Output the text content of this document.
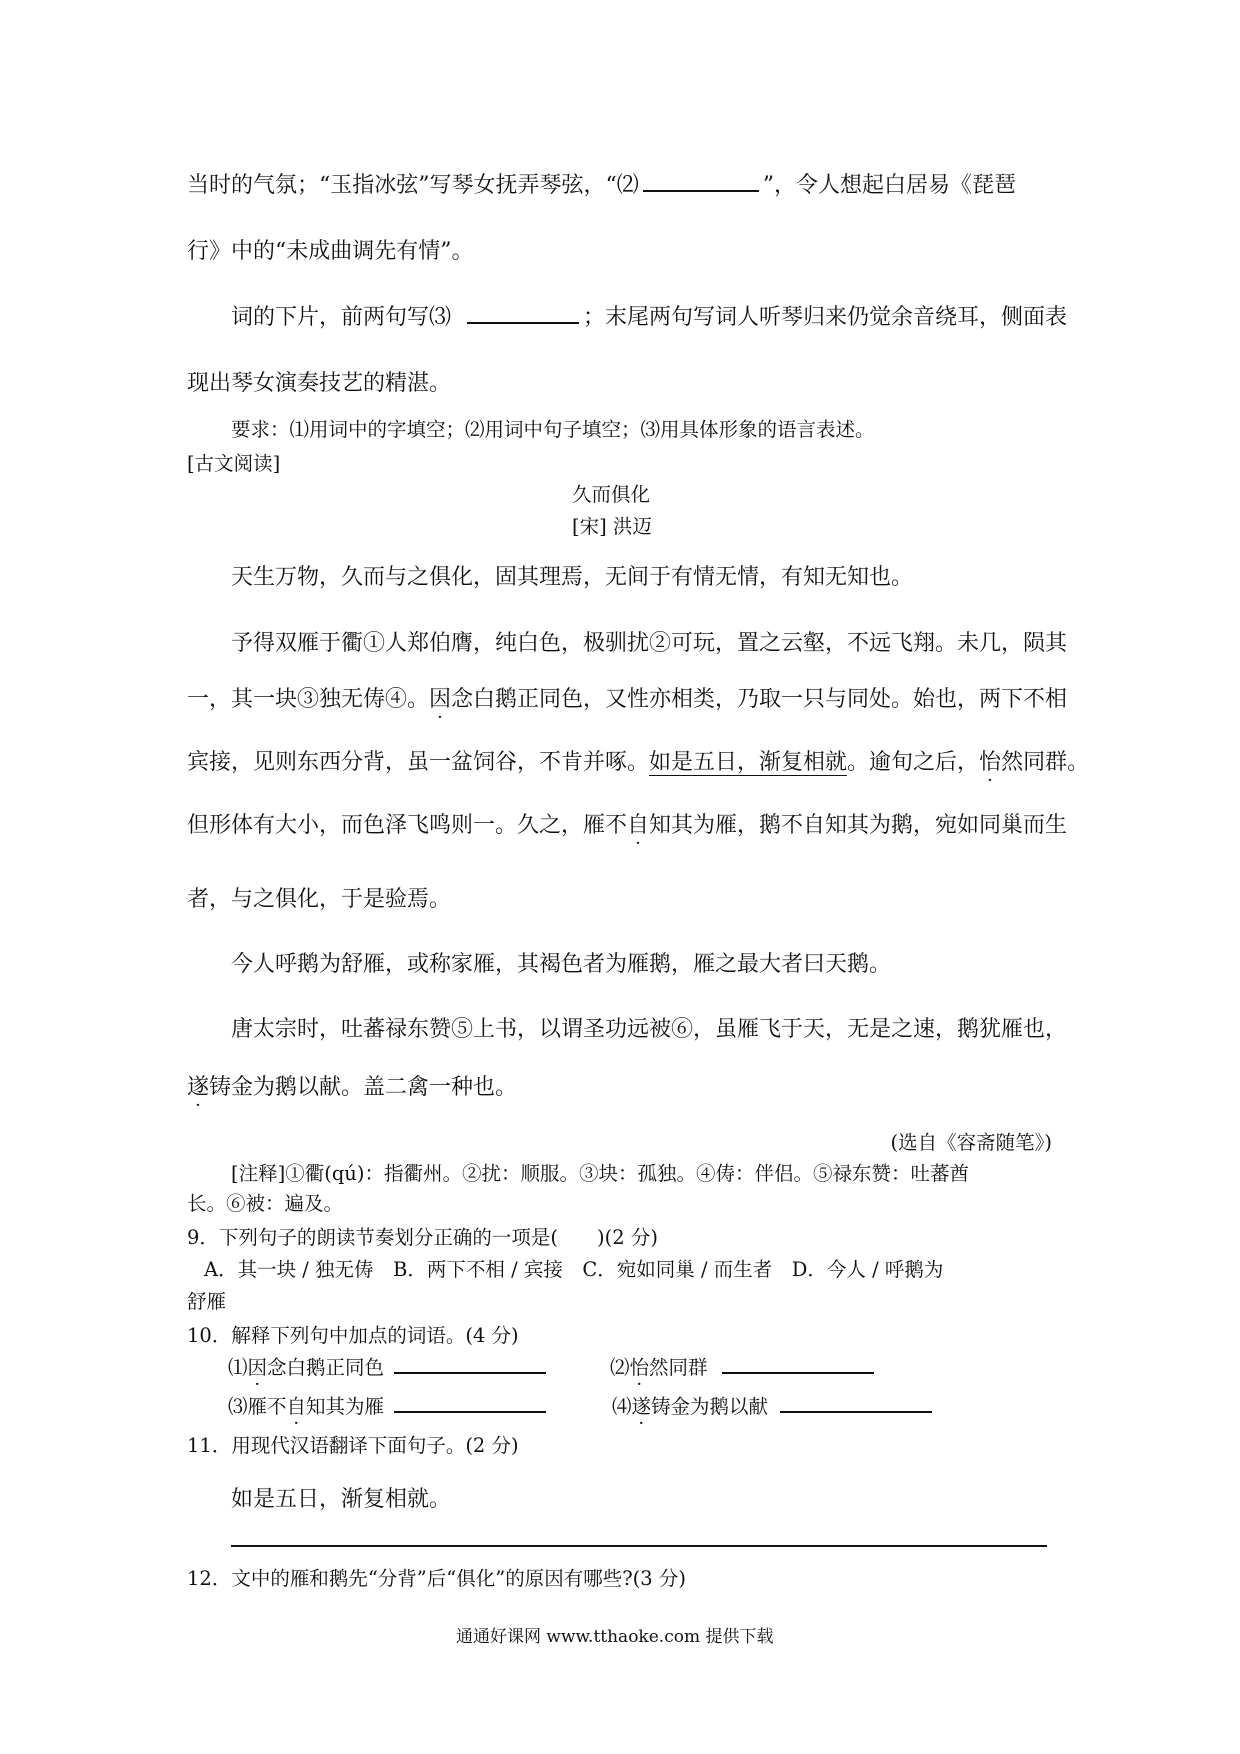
当时的气氛；“玉指冰弦”写琴女抚弄琴弦，“⑵	”，令人想起白居易《琵琶
行》中的“未成曲调先有情”。
词的下片，前两句写⑶	；末尾两句写词人听琴归来仍觉余音绕耳，侧面表
现出琴女演奏技艺的精湛。
要求：⑴用词中的字填空；⑵用词中句子填空；⑶用具体形象的语言表述。
[古文阅读]
久而俱化
[宋] 洪迈
天生万物，久而与之俱化，固其理焉，无间于有情无情，有知无知也。
予得双雁于衢①人郑伯膺，纯白色，极驯扰②可玩，置之云壑，不远飞翔。未几，陨其
一，其一块③独无俦④。因念白鹅正同色，又性亦相类，乃取一只与同处。始也，两下不相
宾接，见则东西分背，虽一盆饲谷，不肯并啄。如是五日，渐复相就。逾旬之后，怡然同群。
但形体有大小，而色泽飞鸣则一。久之，雁不自知其为雁，鹅不自知其为鹅，宛如同巢而生
者，与之俱化，于是验焉。
今人呼鹅为舒雁，或称家雁，其褐色者为雁鹅，雁之最大者曰天鹅。
唐太宗时，吐蕃禄东赞⑤上书，以谓圣功远被⑥，虽雁飞于天，无是之速，鹅犹雁也，
遂铸金为鹅以献。盖二禽一种也。
(选自《容斋随笔》)
[注释]①衢(qú)：指衢州。②扰：顺服。③块：孤独。④俦：伴侣。⑤禄东赞：吐蕃酋
长。⑥被：遍及。
9．下列句子的朗读节奏划分正确的一项是(　　)(2 分)
A．其一块 / 独无俦　B．两下不相 / 宾接　C．宛如同巢 / 而生者　D．今人 / 呼鹅为
舒雁
10．解释下列句中加点的词语。(4 分)
⑴因念白鹅正同色	⑵怡然同群
⑶雁不自知其为雁	⑷遂铸金为鹅以献
11．用现代汉语翻译下面句子。(2 分)
如是五日，渐复相就。
12．文中的雁和鹅先“分背”后“俱化”的原因有哪些?(3 分)
通通好课网 www.tthaoke.com 提供下载
